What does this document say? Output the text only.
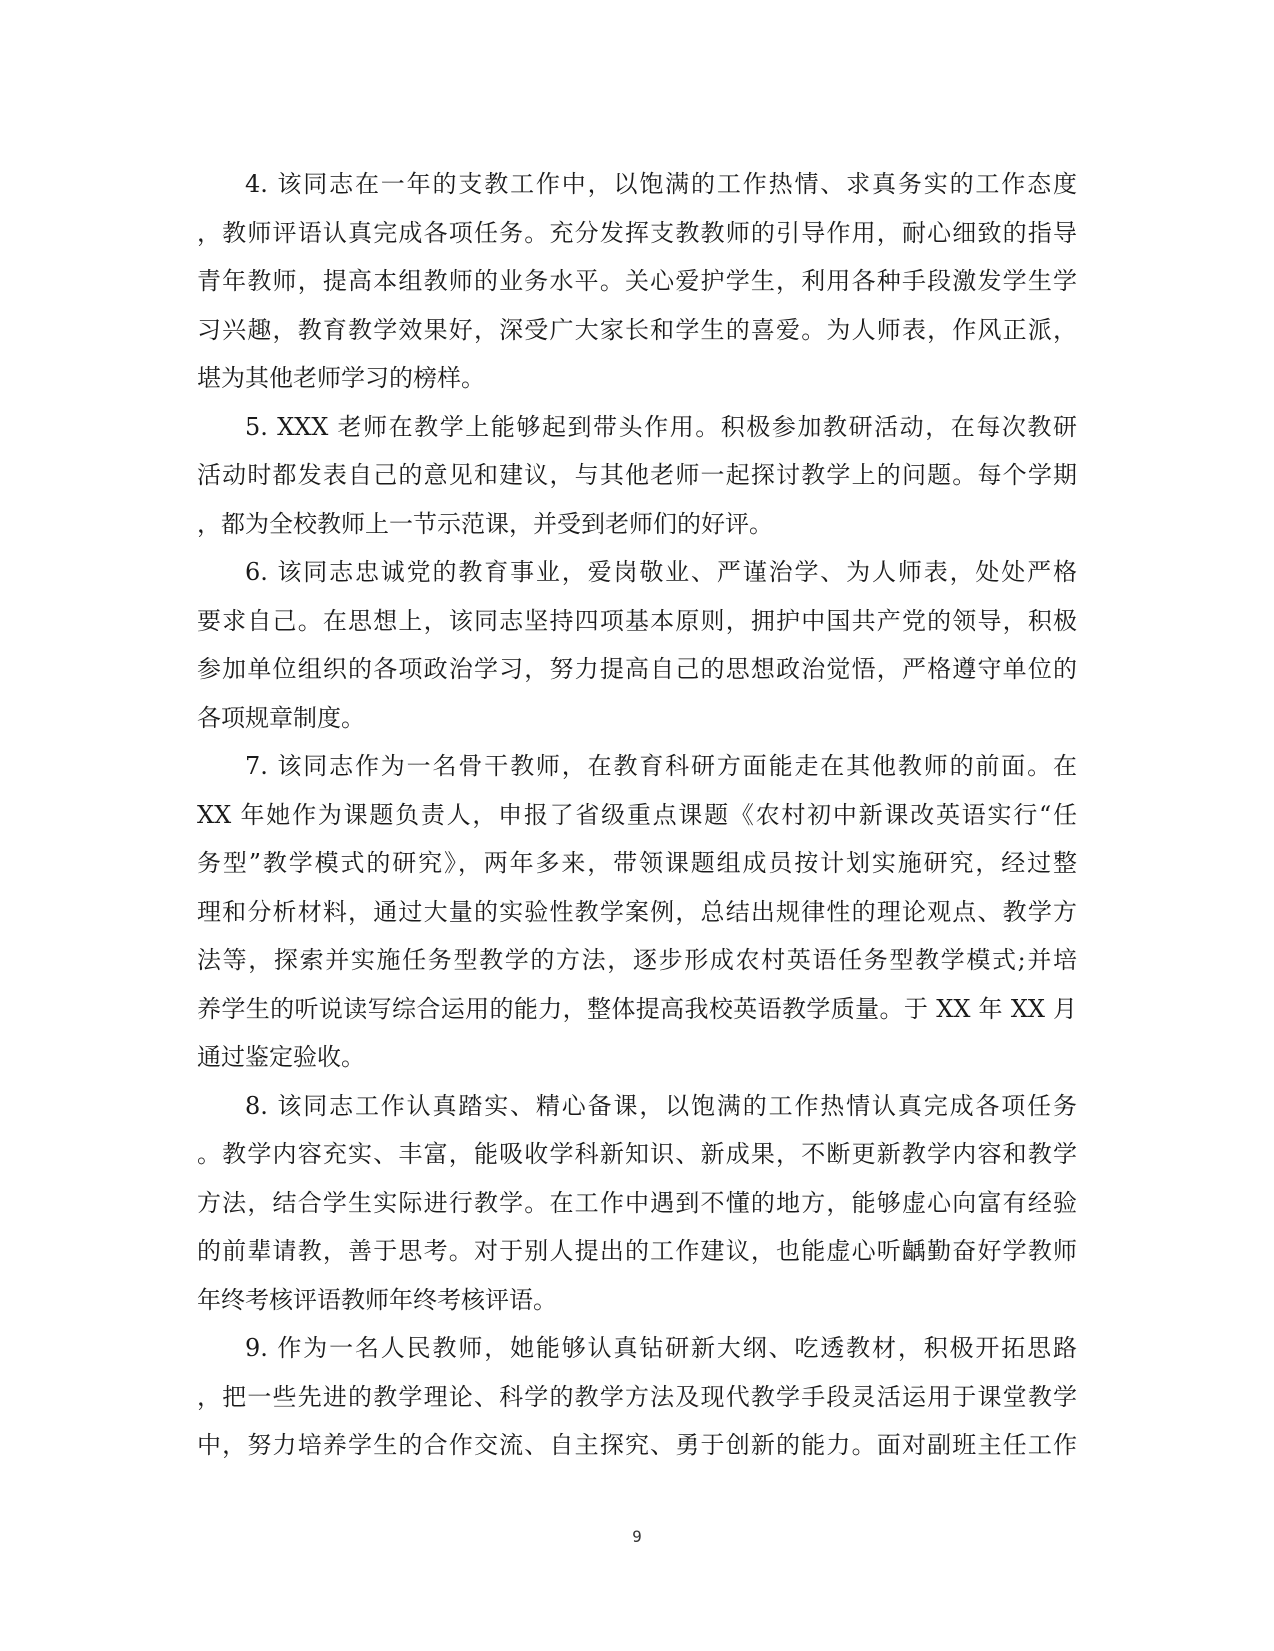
4. 该同志在一年的支教工作中，以饱满的工作热情、求真务实的工作态度
，教师评语认真完成各项任务。充分发挥支教教师的引导作用，耐心细致的指导
青年教师，提高本组教师的业务水平。关心爱护学生，利用各种手段激发学生学
习兴趣，教育教学效果好，深受广大家长和学生的喜爱。为人师表，作风正派，
堪为其他老师学习的榜样。
5. XXX 老师在教学上能够起到带头作用。积极参加教研活动，在每次教研
活动时都发表自己的意见和建议，与其他老师一起探讨教学上的问题。每个学期
，都为全校教师上一节示范课，并受到老师们的好评。
6. 该同志忠诚党的教育事业，爱岗敬业、严谨治学、为人师表，处处严格
要求自己。在思想上，该同志坚持四项基本原则，拥护中国共产党的领导，积极
参加单位组织的各项政治学习，努力提高自己的思想政治觉悟，严格遵守单位的
各项规章制度。
7. 该同志作为一名骨干教师，在教育科研方面能走在其他教师的前面。在
XX 年她作为课题负责人，申报了省级重点课题《农村初中新课改英语实行“任
务型”教学模式的研究》，两年多来，带领课题组成员按计划实施研究，经过整
理和分析材料，通过大量的实验性教学案例，总结出规律性的理论观点、教学方
法等，探索并实施任务型教学的方法，逐步形成农村英语任务型教学模式;并培
养学生的听说读写综合运用的能力，整体提高我校英语教学质量。于 XX 年 XX 月
通过鉴定验收。
8. 该同志工作认真踏实、精心备课，以饱满的工作热情认真完成各项任务
。教学内容充实、丰富，能吸收学科新知识、新成果，不断更新教学内容和教学
方法，结合学生实际进行教学。在工作中遇到不懂的地方，能够虚心向富有经验
的前辈请教，善于思考。对于别人提出的工作建议，也能虚心听齲勤奋好学教师
年终考核评语教师年终考核评语。
9. 作为一名人民教师，她能够认真钻研新大纲、吃透教材，积极开拓思路
，把一些先进的教学理论、科学的教学方法及现代教学手段灵活运用于课堂教学
中，努力培养学生的合作交流、自主探究、勇于创新的能力。面对副班主任工作
9
